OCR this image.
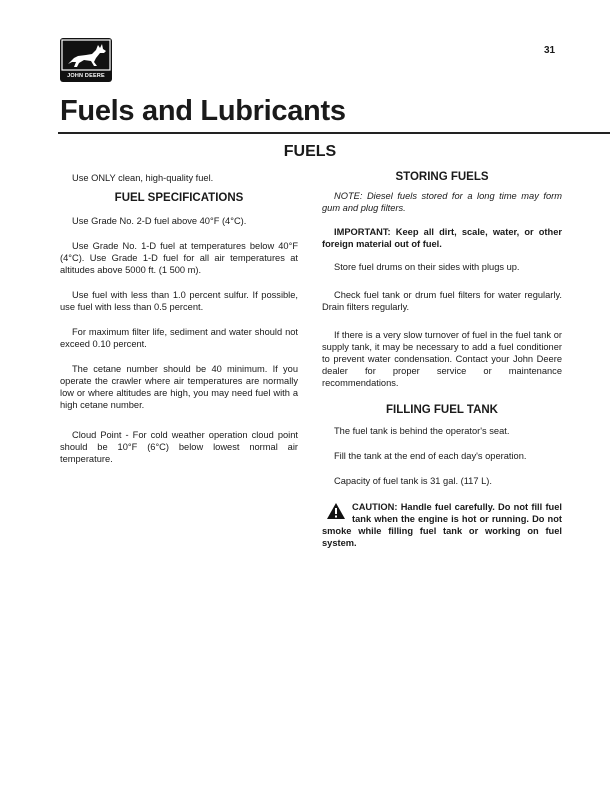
JOHN DEERE
31
Fuels and Lubricants
FUELS

Use ONLY clean, high-quality fuel.

FUEL SPECIFICATIONS

Use Grade No. 2-D fuel above 40°F (4°C).

Use Grade No. 1-D fuel at temperatures below 40°F (4°C). Use Grade 1-D fuel for all air temperatures at altitudes above 5000 ft. (1 500 m).

Use fuel with less than 1.0 percent sulfur. If possible, use fuel with less than 0.5 percent.

For maximum filter life, sediment and water should not exceed 0.10 percent.

The cetane number should be 40 minimum. If you operate the crawler where air temperatures are normally low or where altitudes are high, you may need fuel with a high cetane number.

Cloud Point - For cold weather operation cloud point should be 10°F (6°C) below lowest normal air temperature.

STORING FUELS

NOTE: Diesel fuels stored for a long time may form gum and plug filters.

IMPORTANT: Keep all dirt, scale, water, or other foreign material out of fuel.

Store fuel drums on their sides with plugs up.

Check fuel tank or drum fuel filters for water regularly. Drain filters regularly.

If there is a very slow turnover of fuel in the fuel tank or supply tank, it may be necessary to add a fuel conditioner to prevent water condensation. Contact your John Deere dealer for proper service or maintenance recommendations.

FILLING FUEL TANK

The fuel tank is behind the operator's seat.

Fill the tank at the end of each day's operation.

Capacity of fuel tank is 31 gal. (117 L).

CAUTION: Handle fuel carefully. Do not fill fuel tank when the engine is hot or running. Do not smoke while filling fuel tank or working on fuel system.
